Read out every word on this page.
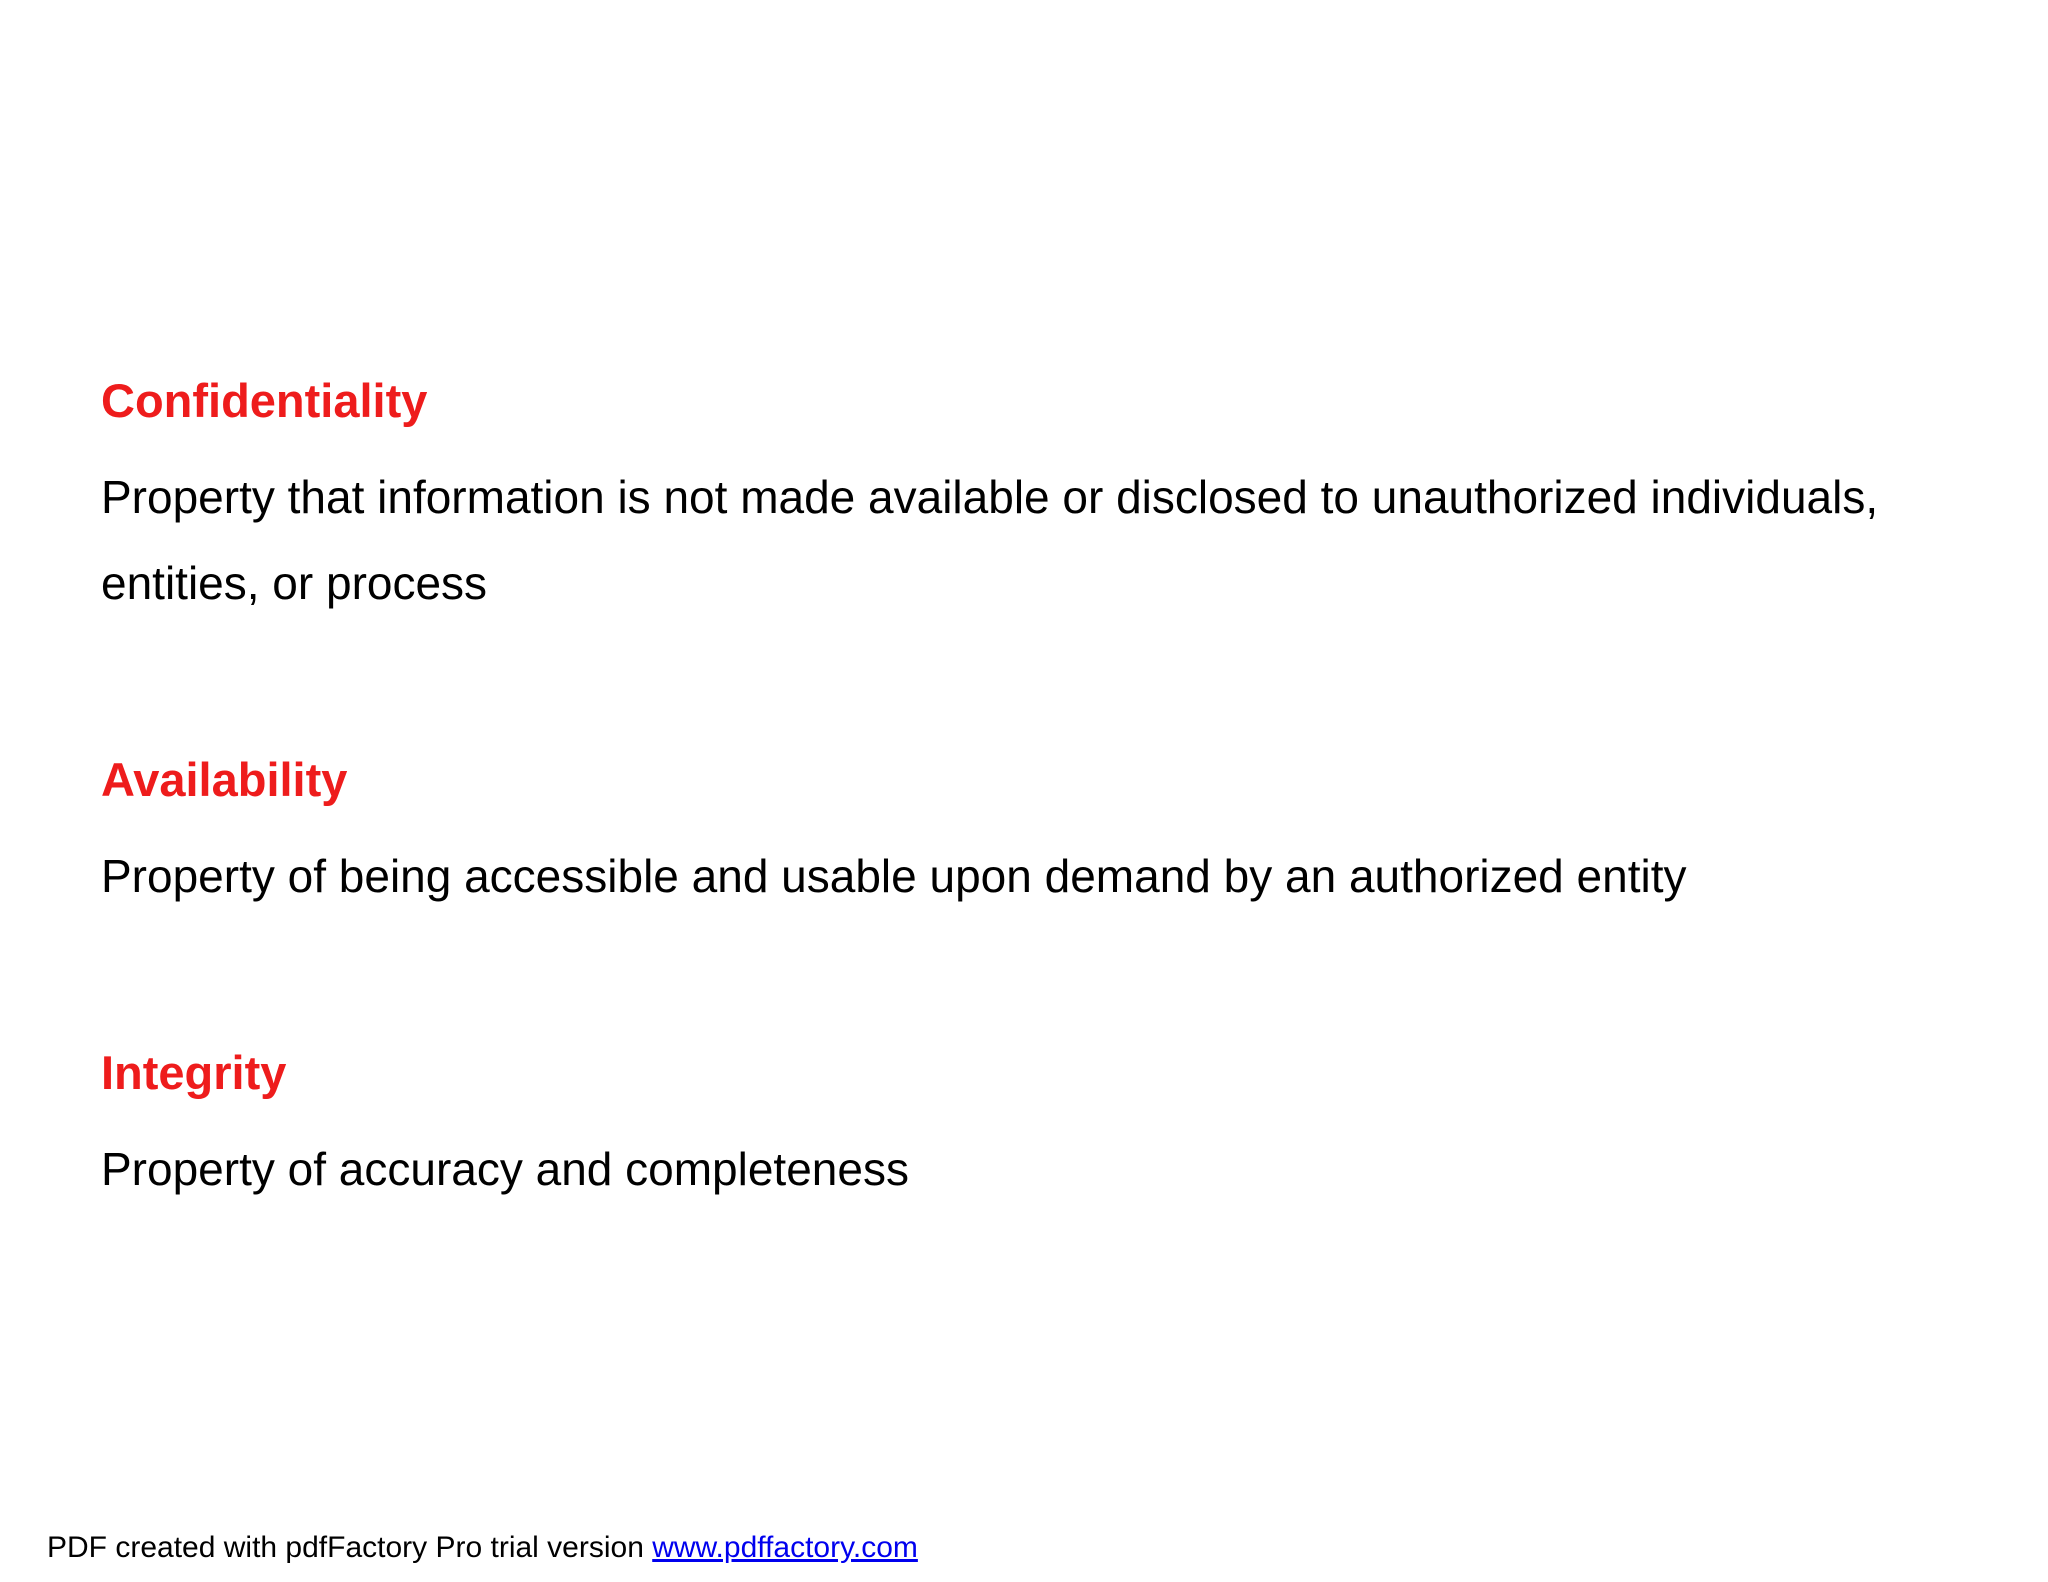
Confidentiality

Property that information is not made available or disclosed to unauthorized individuals, entities, or process

Availability

Property of being accessible and usable upon demand by an authorized entity

Integrity

Property of accuracy and completeness

PDF created with pdfFactory Pro trial version www.pdffactory.com
